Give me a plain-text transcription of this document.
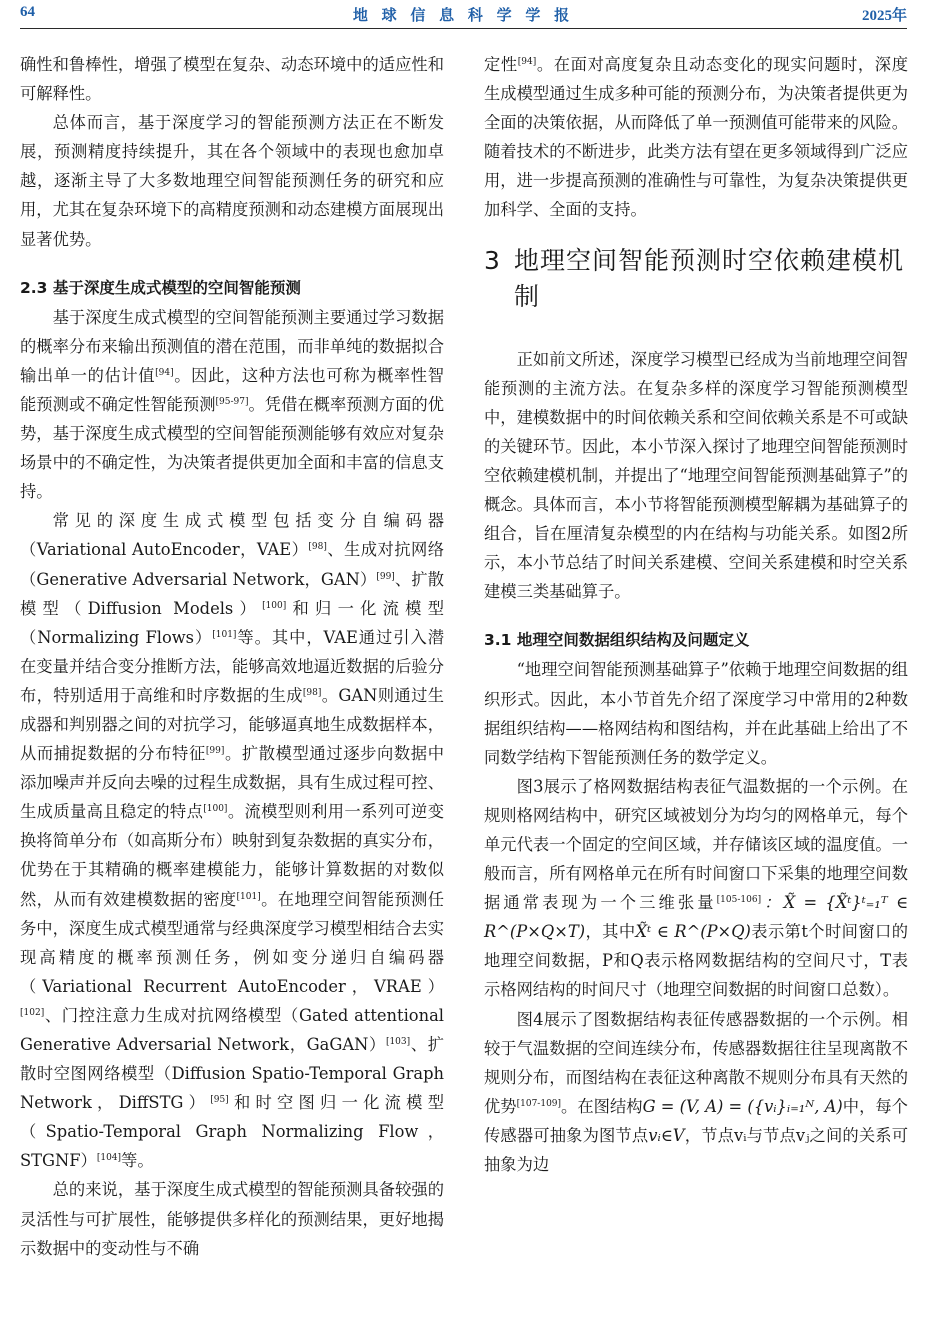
64	地 球 信 息 科 学 学 报	2025年

确性和鲁棒性，增强了模型在复杂、动态环境中的适应性和可解释性。

总体而言，基于深度学习的智能预测方法正在不断发展，预测精度持续提升，其在各个领域中的表现也愈加卓越，逐渐主导了大多数地理空间智能预测任务的研究和应用，尤其在复杂环境下的高精度预测和动态建模方面展现出显著优势。

2.3 基于深度生成式模型的空间智能预测

基于深度生成式模型的空间智能预测主要通过学习数据的概率分布来输出预测值的潜在范围，而非单纯的数据拟合输出单一的估计值[94]。因此，这种方法也可称为概率性智能预测或不确定性智能预测[95-97]。凭借在概率预测方面的优势，基于深度生成式模型的空间智能预测能够有效应对复杂场景中的不确定性，为决策者提供更加全面和丰富的信息支持。

常见的深度生成式模型包括变分自编码器（Variational AutoEncoder，VAE）[98]、生成对抗网络（Generative Adversarial Network，GAN）[99]、扩散模型（Diffusion Models）[100]和归一化流模型（Normalizing Flows）[101]等。其中，VAE通过引入潜在变量并结合变分推断方法，能够高效地逼近数据的后验分布，特别适用于高维和时序数据的生成[98]。GAN则通过生成器和判别器之间的对抗学习，能够逼真地生成数据样本，从而捕捉数据的分布特征[99]。扩散模型通过逐步向数据中添加噪声并反向去噪的过程生成数据，具有生成过程可控、生成质量高且稳定的特点[100]。流模型则利用一系列可逆变换将简单分布（如高斯分布）映射到复杂数据的真实分布，优势在于其精确的概率建模能力，能够计算数据的对数似然，从而有效建模数据的密度[101]。在地理空间智能预测任务中，深度生成式模型通常与经典深度学习模型相结合去实现高精度的概率预测任务，例如变分递归自编码器（Variational Recurrent AutoEncoder，VRAE）[102]、门控注意力生成对抗网络模型（Gated attentional Generative Adversarial Network，GaGAN）[103]、扩散时空图网络模型（Diffusion Spatio-Temporal Graph Network，DiffSTG）[95]和时空图归一化流模型（Spatio-Temporal Graph Normalizing Flow，STGNF）[104]等。

总的来说，基于深度生成式模型的智能预测具备较强的灵活性与可扩展性，能够提供多样化的预测结果，更好地揭示数据中的变动性与不确

定性[94]。在面对高度复杂且动态变化的现实问题时，深度生成模型通过生成多种可能的预测分布，为决策者提供更为全面的决策依据，从而降低了单一预测值可能带来的风险。随着技术的不断进步，此类方法有望在更多领域得到广泛应用，进一步提高预测的准确性与可靠性，为复杂决策提供更加科学、全面的支持。

3 地理空间智能预测时空依赖建模机制

正如前文所述，深度学习模型已经成为当前地理空间智能预测的主流方法。在复杂多样的深度学习智能预测模型中，建模数据中的时间依赖关系和空间依赖关系是不可或缺的关键环节。因此，本小节深入探讨了地理空间智能预测时空依赖建模机制，并提出了“地理空间智能预测基础算子”的概念。具体而言，本小节将智能预测模型解耦为基础算子的组合，旨在厘清复杂模型的内在结构与功能关系。如图2所示，本小节总结了时间关系建模、空间关系建模和时空关系建模三类基础算子。

3.1 地理空间数据组织结构及问题定义

“地理空间智能预测基础算子”依赖于地理空间数据的组织形式。因此，本小节首先介绍了深度学习中常用的2种数据组织结构——格网结构和图结构，并在此基础上给出了不同数学结构下智能预测任务的数学定义。

图3展示了格网数据结构表征气温数据的一个示例。在规则格网结构中，研究区域被划分为均匀的网格单元，每个单元代表一个固定的空间区域，并存储该区域的温度值。一般而言，所有网格单元在所有时间窗口下采集的地理空间数据通常表现为一个三维张量[105-106]：X̃ = {X̃ᵗ}ᵗ₌₁ᵀ ∈ R^(P×Q×T)，其中X̃ᵗ ∈ R^(P×Q)表示第t个时间窗口的地理空间数据，P和Q表示格网数据结构的空间尺寸，T表示格网结构的时间尺寸（地理空间数据的时间窗口总数）。

图4展示了图数据结构表征传感器数据的一个示例。相较于气温数据的空间连续分布，传感器数据往往呈现离散不规则分布，而图结构在表征这种离散不规则分布具有天然的优势[107-109]。在图结构G = (V, A) = ({vᵢ}ᵢ₌₁ᴺ, A)中，每个传感器可抽象为图节点vᵢ∈V，节点vᵢ与节点vⱼ之间的关系可抽象为边
